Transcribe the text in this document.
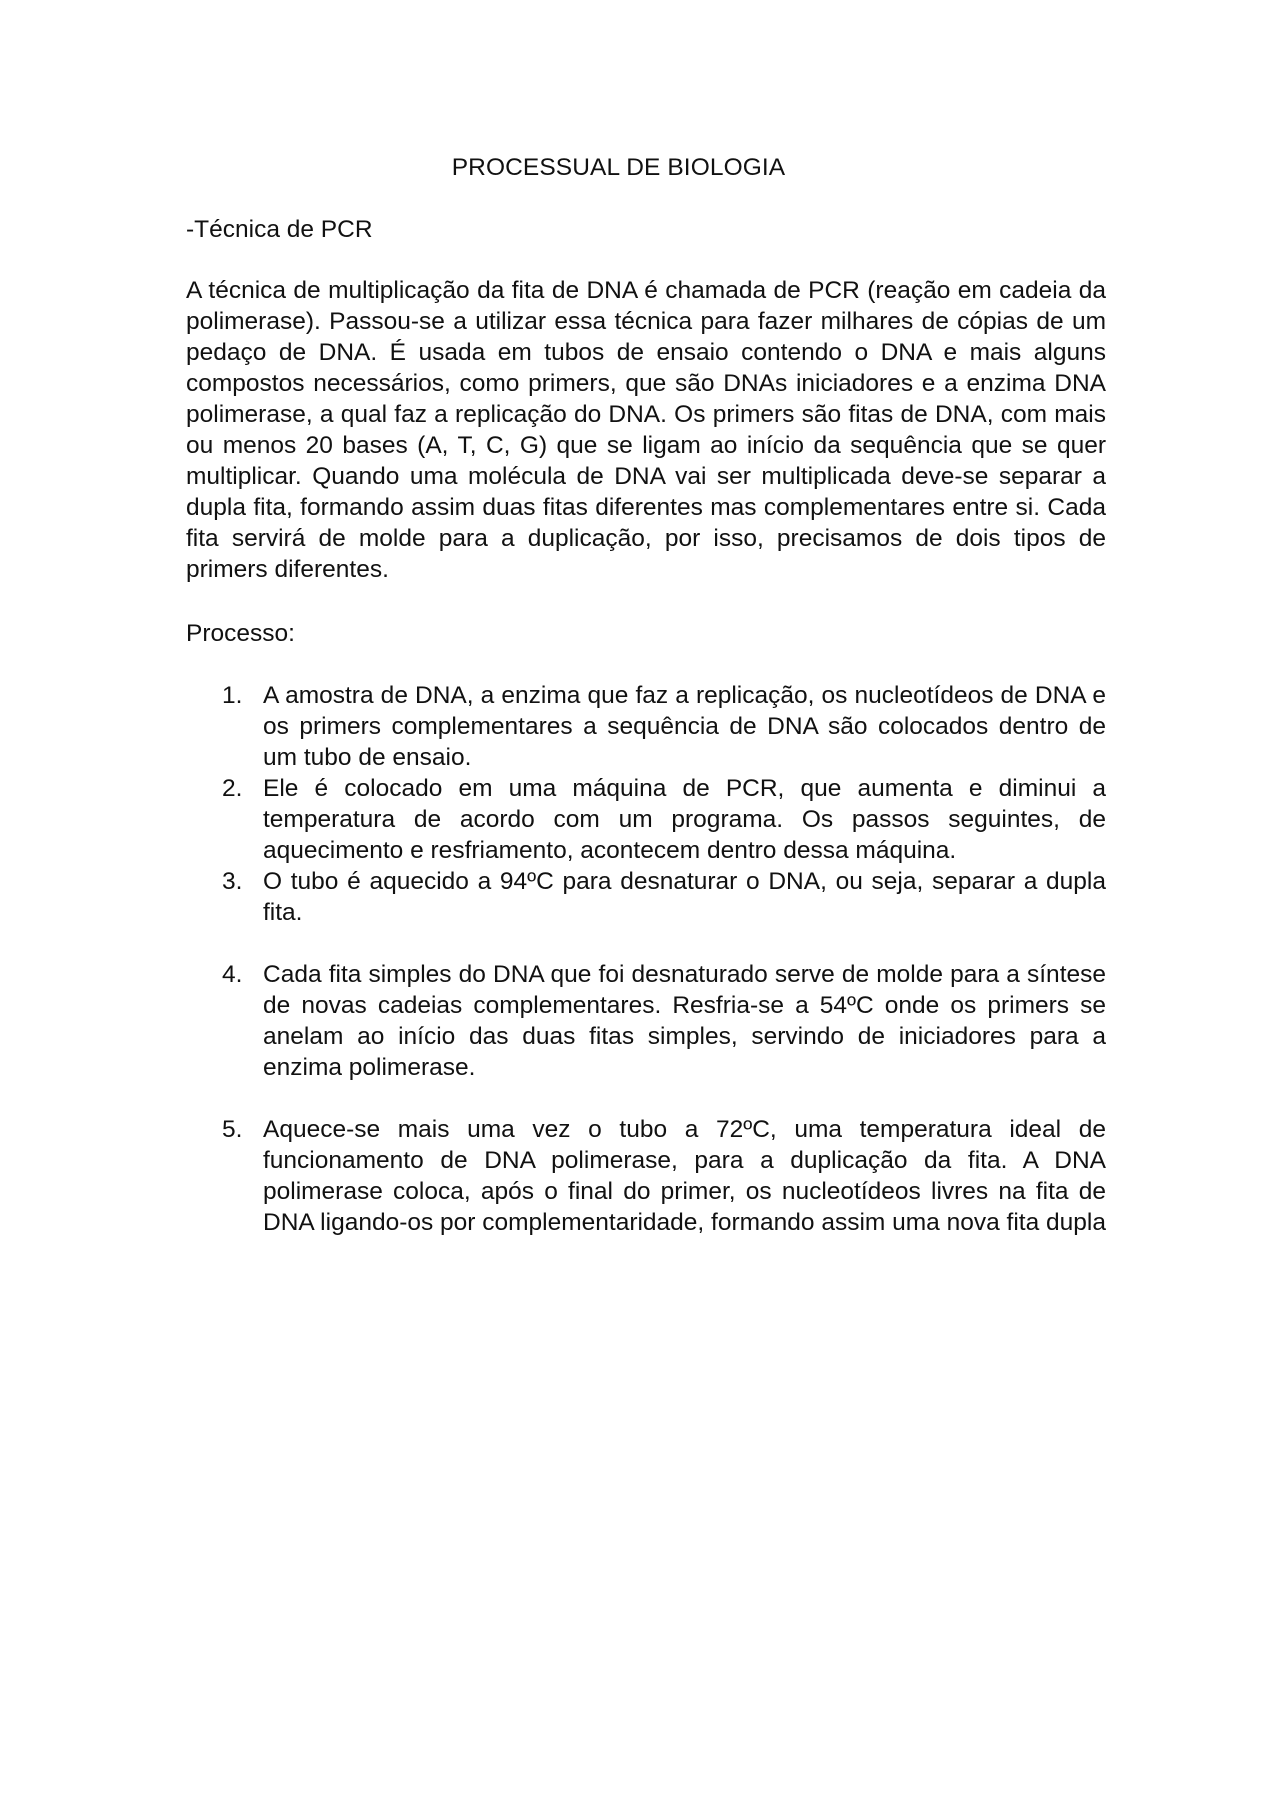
PROCESSUAL DE BIOLOGIA
-Técnica de PCR

A técnica de multiplicação da fita de DNA é chamada de PCR (reação em cadeia da polimerase). Passou-se a utilizar essa técnica para fazer milhares de cópias de um pedaço de DNA. É usada em tubos de ensaio contendo o DNA e mais alguns compostos necessários, como primers, que são DNAs iniciadores e a enzima DNA polimerase, a qual faz a replicação do DNA. Os primers são fitas de DNA, com mais ou menos 20 bases (A, T, C, G) que se ligam ao início da sequência que se quer multiplicar. Quando uma molécula de DNA vai ser multiplicada deve-se separar a dupla fita, formando assim duas fitas diferentes mas complementares entre si. Cada fita servirá de molde para a duplicação, por isso, precisamos de dois tipos de primers diferentes.

Processo:
1. A amostra de DNA, a enzima que faz a replicação, os nucleotídeos de DNA e os primers complementares a sequência de DNA são colocados dentro de um tubo de ensaio.
2. Ele é colocado em uma máquina de PCR, que aumenta e diminui a temperatura de acordo com um programa. Os passos seguintes, de aquecimento e resfriamento, acontecem dentro dessa máquina.
3. O tubo é aquecido a 94ºC para desnaturar o DNA, ou seja, separar a dupla fita.
4. Cada fita simples do DNA que foi desnaturado serve de molde para a síntese de novas cadeias complementares. Resfria-se a 54ºC onde os primers se anelam ao início das duas fitas simples, servindo de iniciadores para a enzima polimerase.
5. Aquece-se mais uma vez o tubo a 72ºC, uma temperatura ideal de funcionamento de DNA polimerase, para a duplicação da fita. A DNA polimerase coloca, após o final do primer, os nucleotídeos livres na fita de DNA ligando-os por complementaridade, formando assim uma nova fita dupla
